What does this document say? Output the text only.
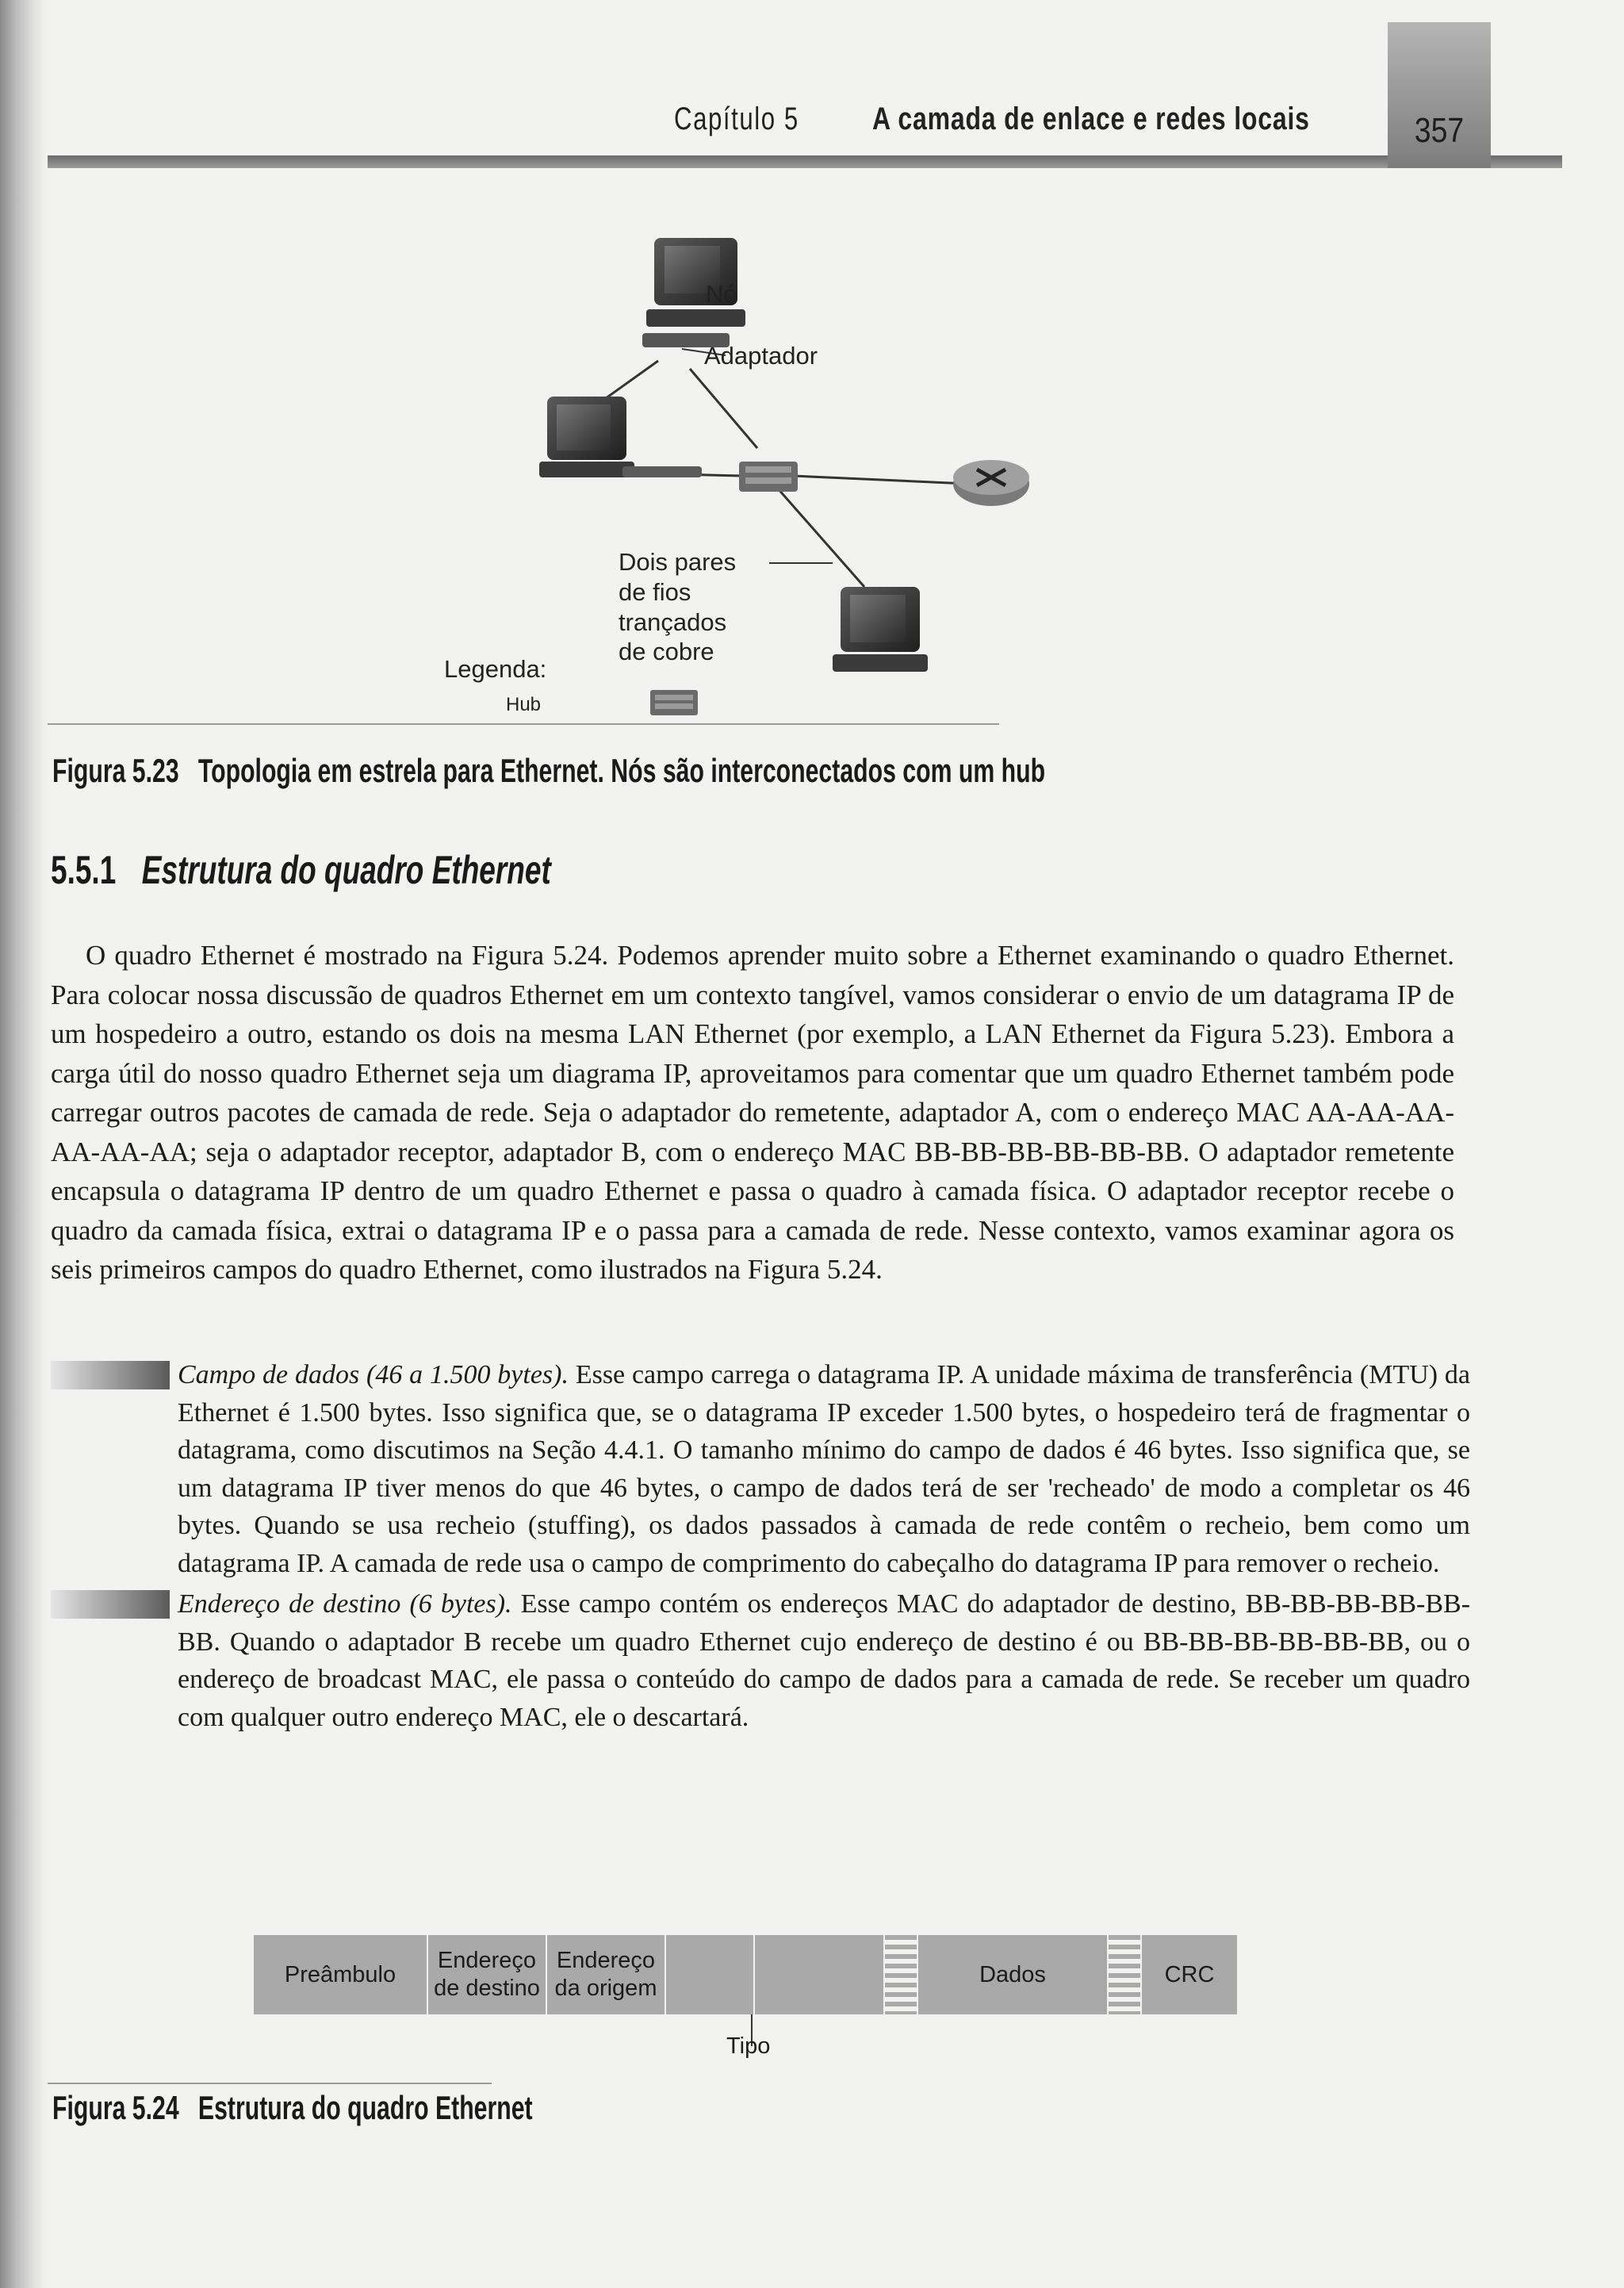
Capítulo 5 A camada de enlace e redes locais	357
Nó
Adaptador
Dois pares
de fios
trançados
de cobre
Legenda:
Hub
Figura 5.23 Topologia em estrela para Ethernet. Nós são interconectados com um hub
5.5.1 Estrutura do quadro Ethernet

O quadro Ethernet é mostrado na Figura 5.24. Podemos aprender muito sobre a Ethernet examinando o quadro Ethernet. Para colocar nossa discussão de quadros Ethernet em um contexto tangível, vamos considerar o envio de um datagrama IP de um hospedeiro a outro, estando os dois na mesma LAN Ethernet (por exemplo, a LAN Ethernet da Figura 5.23). Embora a carga útil do nosso quadro Ethernet seja um diagrama IP, aproveitamos para comentar que um quadro Ethernet também pode carregar outros pacotes de camada de rede. Seja o adaptador do remetente, adaptador A, com o endereço MAC AA-AA-AA-AA-AA-AA; seja o adaptador receptor, adaptador B, com o endereço MAC BB-BB-BB-BB-BB-BB. O adaptador remetente encapsula o datagrama IP dentro de um quadro Ethernet e passa o quadro à camada física. O adaptador receptor recebe o quadro da camada física, extrai o datagrama IP e o passa para a camada de rede. Nesse contexto, vamos examinar agora os seis primeiros campos do quadro Ethernet, como ilustrados na Figura 5.24.

Campo de dados (46 a 1.500 bytes). Esse campo carrega o datagrama IP. A unidade máxima de transferência (MTU) da Ethernet é 1.500 bytes. Isso significa que, se o datagrama IP exceder 1.500 bytes, o hospedeiro terá de fragmentar o datagrama, como discutimos na Seção 4.4.1. O tamanho mínimo do campo de dados é 46 bytes. Isso significa que, se um datagrama IP tiver menos do que 46 bytes, o campo de dados terá de ser 'recheado' de modo a completar os 46 bytes. Quando se usa recheio (stuffing), os dados passados à camada de rede contêm o recheio, bem como um datagrama IP. A camada de rede usa o campo de comprimento do cabeçalho do datagrama IP para remover o recheio.
Endereço de destino (6 bytes). Esse campo contém os endereços MAC do adaptador de destino, BB-BB-BB-BB-BB-BB. Quando o adaptador B recebe um quadro Ethernet cujo endereço de destino é ou BB-BB-BB-BB-BB-BB, ou o endereço de broadcast MAC, ele passa o conteúdo do campo de dados para a camada de rede. Se receber um quadro com qualquer outro endereço MAC, ele o descartará.
Preâmbulo
Endereço
de destino
Endereço
da origem
Dados	CRC
Tipo
Figura 5.24 Estrutura do quadro Ethernet
